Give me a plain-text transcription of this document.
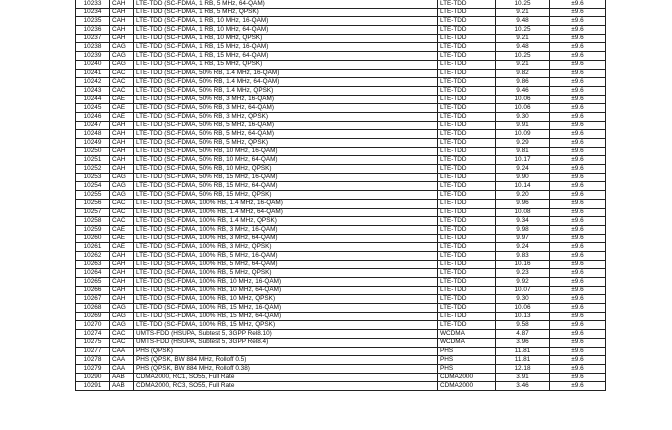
10233	CAH	LTE-TDD (SC-FDMA, 1 RB, 5 MHz, 64-QAM)	LTE-TDD	10.25	±9.6
10234	CAH	LTE-TDD (SC-FDMA, 1 RB, 5 MHz, QPSK)	LTE-TDD	9.21	±9.6
10235	CAH	LTE-TDD (SC-FDMA, 1 RB, 10 MHz, 16-QAM)	LTE-TDD	9.48	±9.6
10236	CAH	LTE-TDD (SC-FDMA, 1 RB, 10 MHz, 64-QAM)	LTE-TDD	10.25	±9.6
10237	CAH	LTE-TDD (SC-FDMA, 1 RB, 10 MHz, QPSK)	LTE-TDD	9.21	±9.6
10238	CAG	LTE-TDD (SC-FDMA, 1 RB, 15 MHz, 16-QAM)	LTE-TDD	9.48	±9.6
10239	CAG	LTE-TDD (SC-FDMA, 1 RB, 15 MHz, 64-QAM)	LTE-TDD	10.25	±9.6
10240	CAG	LTE-TDD (SC-FDMA, 1 RB, 15 MHz, QPSK)	LTE-TDD	9.21	±9.6
10241	CAC	LTE-TDD (SC-FDMA, 50% RB, 1.4 MHz, 16-QAM)	LTE-TDD	9.82	±9.6
10242	CAC	LTE-TDD (SC-FDMA, 50% RB, 1.4 MHz, 64-QAM)	LTE-TDD	9.86	±9.6
10243	CAC	LTE-TDD (SC-FDMA, 50% RB, 1.4 MHz, QPSK)	LTE-TDD	9.46	±9.6
10244	CAE	LTE-TDD (SC-FDMA, 50% RB, 3 MHz, 16-QAM)	LTE-TDD	10.06	±9.6
10245	CAE	LTE-TDD (SC-FDMA, 50% RB, 3 MHz, 64-QAM)	LTE-TDD	10.06	±9.6
10246	CAE	LTE-TDD (SC-FDMA, 50% RB, 3 MHz, QPSK)	LTE-TDD	9.30	±9.6
10247	CAH	LTE-TDD (SC-FDMA, 50% RB, 5 MHz, 16-QAM)	LTE-TDD	9.91	±9.6
10248	CAH	LTE-TDD (SC-FDMA, 50% RB, 5 MHz, 64-QAM)	LTE-TDD	10.09	±9.6
10249	CAH	LTE-TDD (SC-FDMA, 50% RB, 5 MHz, QPSK)	LTE-TDD	9.29	±9.6
10250	CAH	LTE-TDD (SC-FDMA, 50% RB, 10 MHz, 16-QAM)	LTE-TDD	9.81	±9.6
10251	CAH	LTE-TDD (SC-FDMA, 50% RB, 10 MHz, 64-QAM)	LTE-TDD	10.17	±9.6
10252	CAH	LTE-TDD (SC-FDMA, 50% RB, 10 MHz, QPSK)	LTE-TDD	9.24	±9.6
10253	CAG	LTE-TDD (SC-FDMA, 50% RB, 15 MHz, 16-QAM)	LTE-TDD	9.90	±9.6
10254	CAG	LTE-TDD (SC-FDMA, 50% RB, 15 MHz, 64-QAM)	LTE-TDD	10.14	±9.6
10255	CAG	LTE-TDD (SC-FDMA, 50% RB, 15 MHz, QPSK)	LTE-TDD	9.20	±9.6
10256	CAC	LTE-TDD (SC-FDMA, 100% RB, 1.4 MHz, 16-QAM)	LTE-TDD	9.96	±9.6
10257	CAC	LTE-TDD (SC-FDMA, 100% RB, 1.4 MHz, 64-QAM)	LTE-TDD	10.08	±9.6
10258	CAC	LTE-TDD (SC-FDMA, 100% RB, 1.4 MHz, QPSK)	LTE-TDD	9.34	±9.6
10259	CAE	LTE-TDD (SC-FDMA, 100% RB, 3 MHz, 16-QAM)	LTE-TDD	9.98	±9.6
10260	CAE	LTE-TDD (SC-FDMA, 100% RB, 3 MHz, 64-QAM)	LTE-TDD	9.97	±9.6
10261	CAE	LTE-TDD (SC-FDMA, 100% RB, 3 MHz, QPSK)	LTE-TDD	9.24	±9.6
10262	CAH	LTE-TDD (SC-FDMA, 100% RB, 5 MHz, 16-QAM)	LTE-TDD	9.83	±9.6
10263	CAH	LTE-TDD (SC-FDMA, 100% RB, 5 MHz, 64-QAM)	LTE-TDD	10.16	±9.6
10264	CAH	LTE-TDD (SC-FDMA, 100% RB, 5 MHz, QPSK)	LTE-TDD	9.23	±9.6
10265	CAH	LTE-TDD (SC-FDMA, 100% RB, 10 MHz, 16-QAM)	LTE-TDD	9.92	±9.6
10266	CAH	LTE-TDD (SC-FDMA, 100% RB, 10 MHz, 64-QAM)	LTE-TDD	10.07	±9.6
10267	CAH	LTE-TDD (SC-FDMA, 100% RB, 10 MHz, QPSK)	LTE-TDD	9.30	±9.6
10268	CAG	LTE-TDD (SC-FDMA, 100% RB, 15 MHz, 16-QAM)	LTE-TDD	10.06	±9.6
10269	CAG	LTE-TDD (SC-FDMA, 100% RB, 15 MHz, 64-QAM)	LTE-TDD	10.13	±9.6
10270	CAG	LTE-TDD (SC-FDMA, 100% RB, 15 MHz, QPSK)	LTE-TDD	9.58	±9.6
10274	CAC	UMTS-FDD (HSUPA, Subtest 5, 3GPP Rel8.10)	WCDMA	4.87	±9.6
10275	CAC	UMTS-FDD (HSUPA, Subtest 5, 3GPP Rel8.4)	WCDMA	3.96	±9.6
10277	CAA	PHS (QPSK)	PHS	11.81	±9.6
10278	CAA	PHS (QPSK, BW 884 MHz, Rolloff 0.5)	PHS	11.81	±9.6
10279	CAA	PHS (QPSK, BW 884 MHz, Rolloff 0.38)	PHS	12.18	±9.6
10290	AAB	CDMA2000, RC1, SO55, Full Rate	CDMA2000	3.91	±9.6
10291	AAB	CDMA2000, RC3, SO55, Full Rate	CDMA2000	3.46	±9.6
